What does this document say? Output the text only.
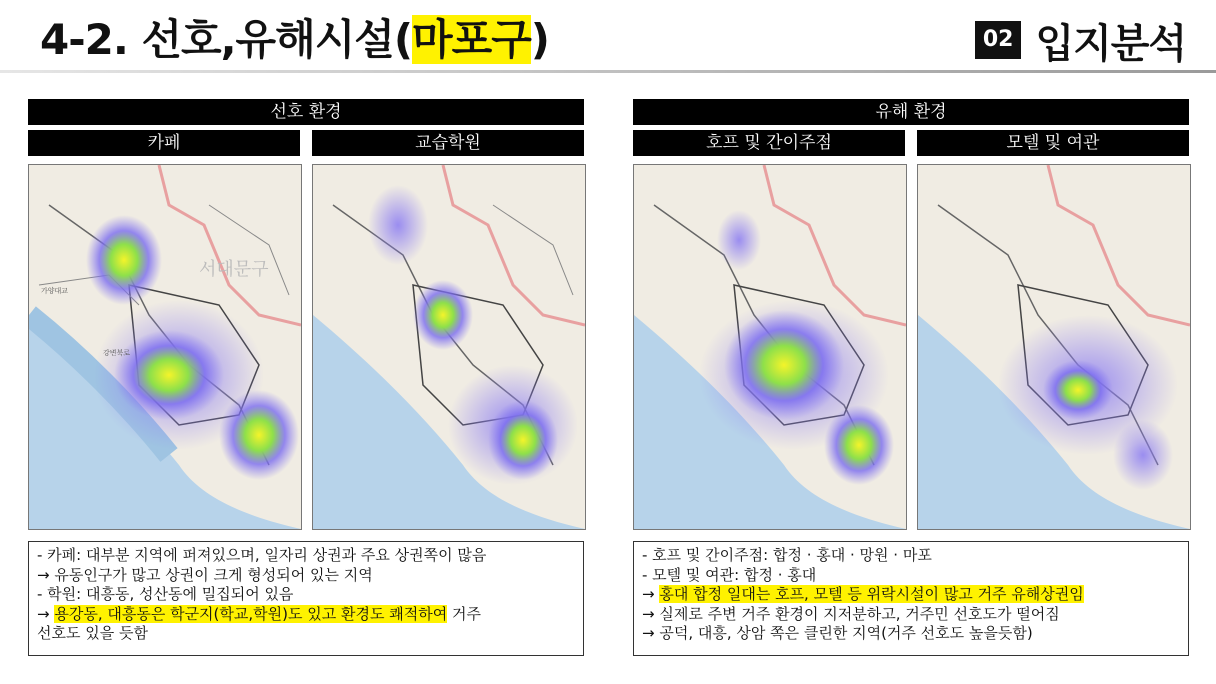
4-2. 선호,유해시설(마포구)	02 입지분석
선호 환경
카페	교습학원
서대문구
가양대교
강변북로
- 카페: 대부분 지역에 퍼져있으며, 일자리 상권과 주요 상권쪽이 많음
→ 유동인구가 많고 상권이 크게 형성되어 있는 지역
- 학원: 대흥동, 성산동에 밀집되어 있음
→ 용강동, 대흥동은 학군지(학교,학원)도 있고 환경도 쾌적하여 거주
선호도 있을 듯함
유해 환경
호프 및 간이주점	모텔 및 여관
- 호프 및 간이주점: 합정 · 홍대 · 망원 · 마포
- 모텔 및 여관: 합정 · 홍대
→ 홍대 합정 일대는 호프, 모텔 등 위락시설이 많고 거주 유해상권임
→ 실제로 주변 거주 환경이 지저분하고, 거주민 선호도가 떨어짐
→ 공덕, 대흥, 상암 쪽은 클린한 지역(거주 선호도 높을듯함)
